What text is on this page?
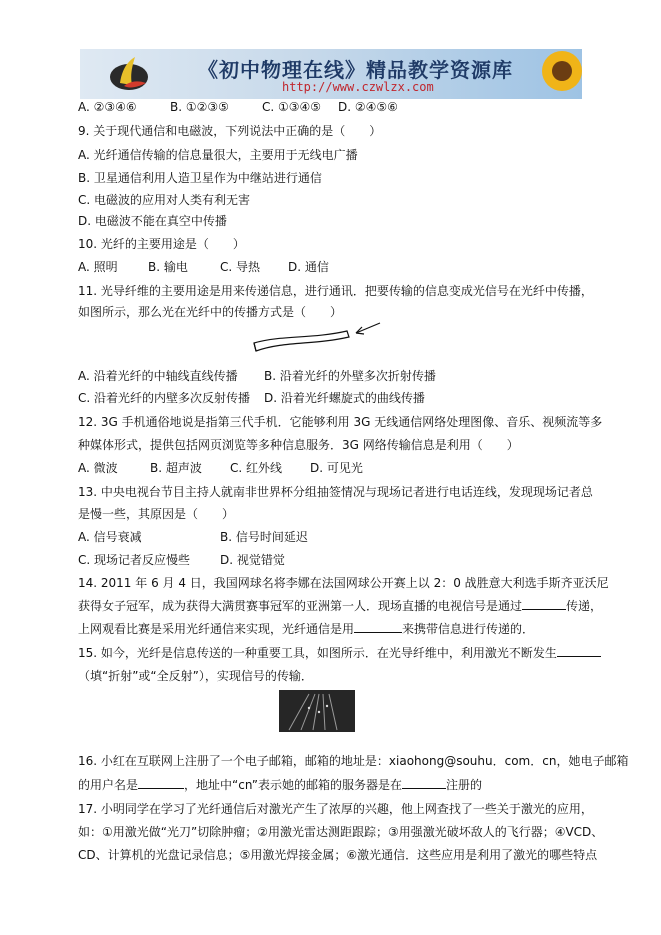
《初中物理在线》精品教学资源库
http://www.czwlzx.com
A. ②③④⑥	B. ①②③⑤	C. ①③④⑤ D. ②④⑤⑥
9. 关于现代通信和电磁波，下列说法中正确的是（　　）
A. 光纤通信传输的信息量很大，主要用于无线电广播
B. 卫星通信利用人造卫星作为中继站进行通信
C. 电磁波的应用对人类有利无害
D. 电磁波不能在真空中传播
10. 光纤的主要用途是（　　）
A. 照明	B. 输电	C. 导热 D. 通信
11. 光导纤维的主要用途是用来传递信息，进行通讯．把要传输的信息变成光信号在光纤中传播，
如图所示，那么光在光纤中的传播方式是（　　）
A. 沿着光纤的中轴线直线传播 B. 沿着光纤的外壁多次折射传播
C. 沿着光纤的内壁多次反射传播 D. 沿着光纤螺旋式的曲线传播
12. 3G 手机通俗地说是指第三代手机．它能够利用 3G 无线通信网络处理图像、音乐、视频流等多
种媒体形式，提供包括网页浏览等多种信息服务．3G 网络传输信息是利用（　　）
A. 微波	B. 超声波 C. 红外线 D. 可见光
13. 中央电视台节目主持人就南非世界杯分组抽签情况与现场记者进行电话连线，发现现场记者总
是慢一些，其原因是（　　）
A. 信号衰减	B. 信号时间延迟
C. 现场记者反应慢些 D. 视觉错觉
14. 2011 年 6 月 4 日，我国网球名将李娜在法国网球公开赛上以 2：0 战胜意大利选手斯齐亚沃尼
获得女子冠军，成为获得大满贯赛事冠军的亚洲第一人．现场直播的电视信号是通过	传递，
上网观看比赛是采用光纤通信来实现，光纤通信是用	来携带信息进行传递的．
15. 如今，光纤是信息传送的一种重要工具，如图所示．在光导纤维中，利用激光不断发生
（填“折射”或“全反射”），实现信号的传输．
16. 小红在互联网上注册了一个电子邮箱，邮箱的地址是：xiaohong@souhu．com．cn，她电子邮箱
的用户名是	，地址中“cn”表示她的邮箱的服务器是在	注册的
17. 小明同学在学习了光纤通信后对激光产生了浓厚的兴趣，他上网查找了一些关于激光的应用，
如：①用激光做“光刀”切除肿瘤；②用激光雷达测距跟踪；③用强激光破坏敌人的飞行器；④VCD、
CD、计算机的光盘记录信息；⑤用激光焊接金属；⑥激光通信．这些应用是利用了激光的哪些特点
